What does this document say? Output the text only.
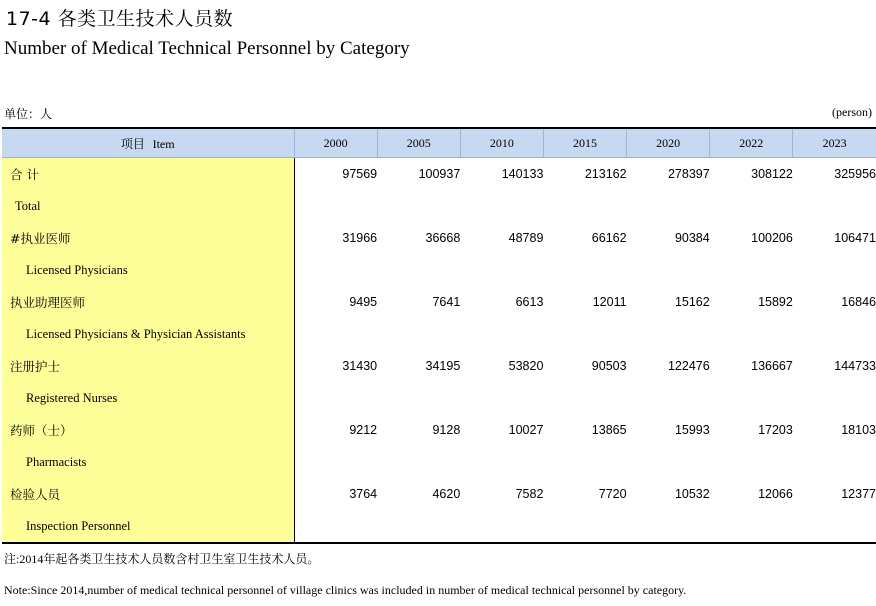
17-4 各类卫生技术人员数
Number of Medical Technical Personnel by Category
单位：人	(person)
项目 Item	2000	2005	2010	2015	2020	2022	2023
合 计	97569	100937	140133	213162	278397	308122	325956
Total							
#执业医师	31966	36668	48789	66162	90384	100206	106471
Licensed Physicians							
执业助理医师	9495	7641	6613	12011	15162	15892	16846
Licensed Physicians & Physician Assistants							
注册护士	31430	34195	53820	90503	122476	136667	144733
Registered Nurses							
药师（士）	9212	9128	10027	13865	15993	17203	18103
Pharmacists							
检验人员	3764	4620	7582	7720	10532	12066	12377
Inspection Personnel							
注:2014年起各类卫生技术人员数含村卫生室卫生技术人员。
Note:Since 2014,number of medical technical personnel of village clinics was included in number of medical technical personnel by category.
